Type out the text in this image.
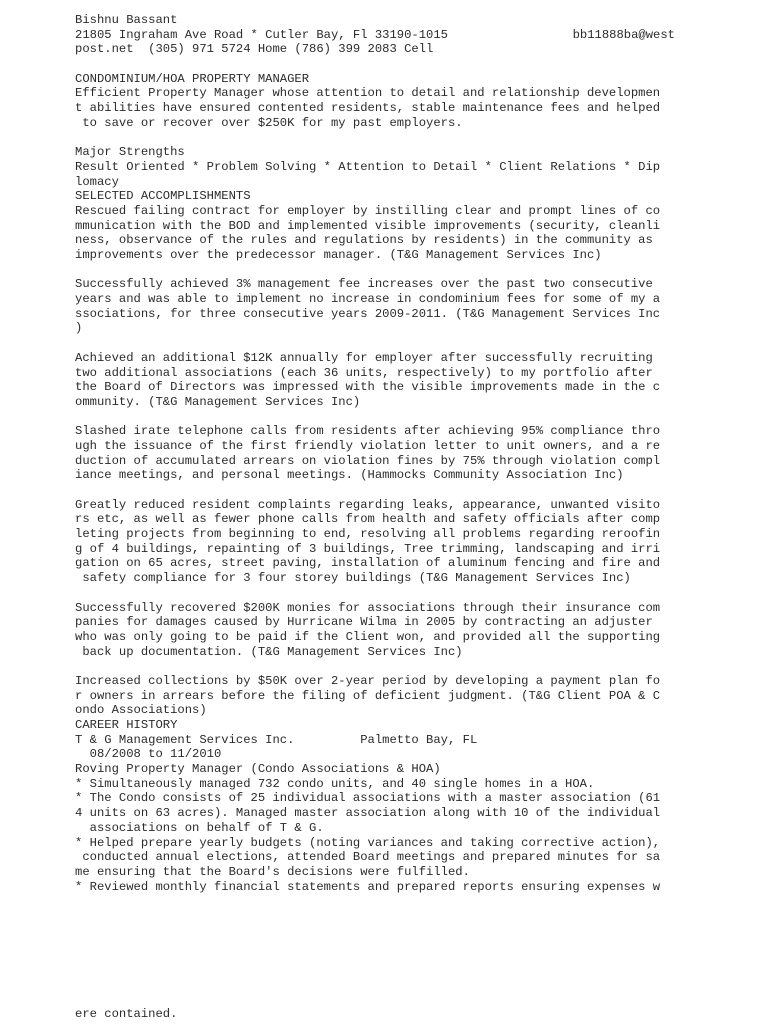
Bishnu Bassant
21805 Ingraham Ave Road * Cutler Bay, Fl 33190-1015	bb11888ba@west
post.net  (305) 971 5724 Home (786) 399 2083 Cell
CONDOMINIUM/HOA PROPERTY MANAGER
Efficient Property Manager whose attention to detail and relationship developmen
t abilities have ensured contented residents, stable maintenance fees and helped
to save or recover over $250K for my past employers.
Major Strengths
Result Oriented * Problem Solving * Attention to Detail * Client Relations * Dip
lomacy
SELECTED ACCOMPLISHMENTS
Rescued failing contract for employer by instilling clear and prompt lines of co
mmunication with the BOD and implemented visible improvements (security, cleanli
ness, observance of the rules and regulations by residents) in the community as
improvements over the predecessor manager. (T&G Management Services Inc)
Successfully achieved 3% management fee increases over the past two consecutive
years and was able to implement no increase in condominium fees for some of my a
ssociations, for three consecutive years 2009-2011. (T&G Management Services Inc
)
Achieved an additional $12K annually for employer after successfully recruiting
two additional associations (each 36 units, respectively) to my portfolio after
the Board of Directors was impressed with the visible improvements made in the c
ommunity. (T&G Management Services Inc)
Slashed irate telephone calls from residents after achieving 95% compliance thro
ugh the issuance of the first friendly violation letter to unit owners, and a re
duction of accumulated arrears on violation fines by 75% through violation compl
iance meetings, and personal meetings. (Hammocks Community Association Inc)
Greatly reduced resident complaints regarding leaks, appearance, unwanted visito
rs etc, as well as fewer phone calls from health and safety officials after comp
leting projects from beginning to end, resolving all problems regarding reroofin
g of 4 buildings, repainting of 3 buildings, Tree trimming, landscaping and irri
gation on 65 acres, street paving, installation of aluminum fencing and fire and
safety compliance for 3 four storey buildings (T&G Management Services Inc)
Successfully recovered $200K monies for associations through their insurance com
panies for damages caused by Hurricane Wilma in 2005 by contracting an adjuster
who was only going to be paid if the Client won, and provided all the supporting
back up documentation. (T&G Management Services Inc)
Increased collections by $50K over 2-year period by developing a payment plan fo
r owners in arrears before the filing of deficient judgment. (T&G Client POA & C
ondo Associations)
CAREER HISTORY
T & G Management Services Inc.         Palmetto Bay, FL
08/2008 to 11/2010
Roving Property Manager (Condo Associations & HOA)
* Simultaneously managed 732 condo units, and 40 single homes in a HOA.
* The Condo consists of 25 individual associations with a master association (61
4 units on 63 acres). Managed master association along with 10 of the individual
associations on behalf of T & G.
* Helped prepare yearly budgets (noting variances and taking corrective action),
conducted annual elections, attended Board meetings and prepared minutes for sa
me ensuring that the Board's decisions were fulfilled.
* Reviewed monthly financial statements and prepared reports ensuring expenses w
ere contained.
